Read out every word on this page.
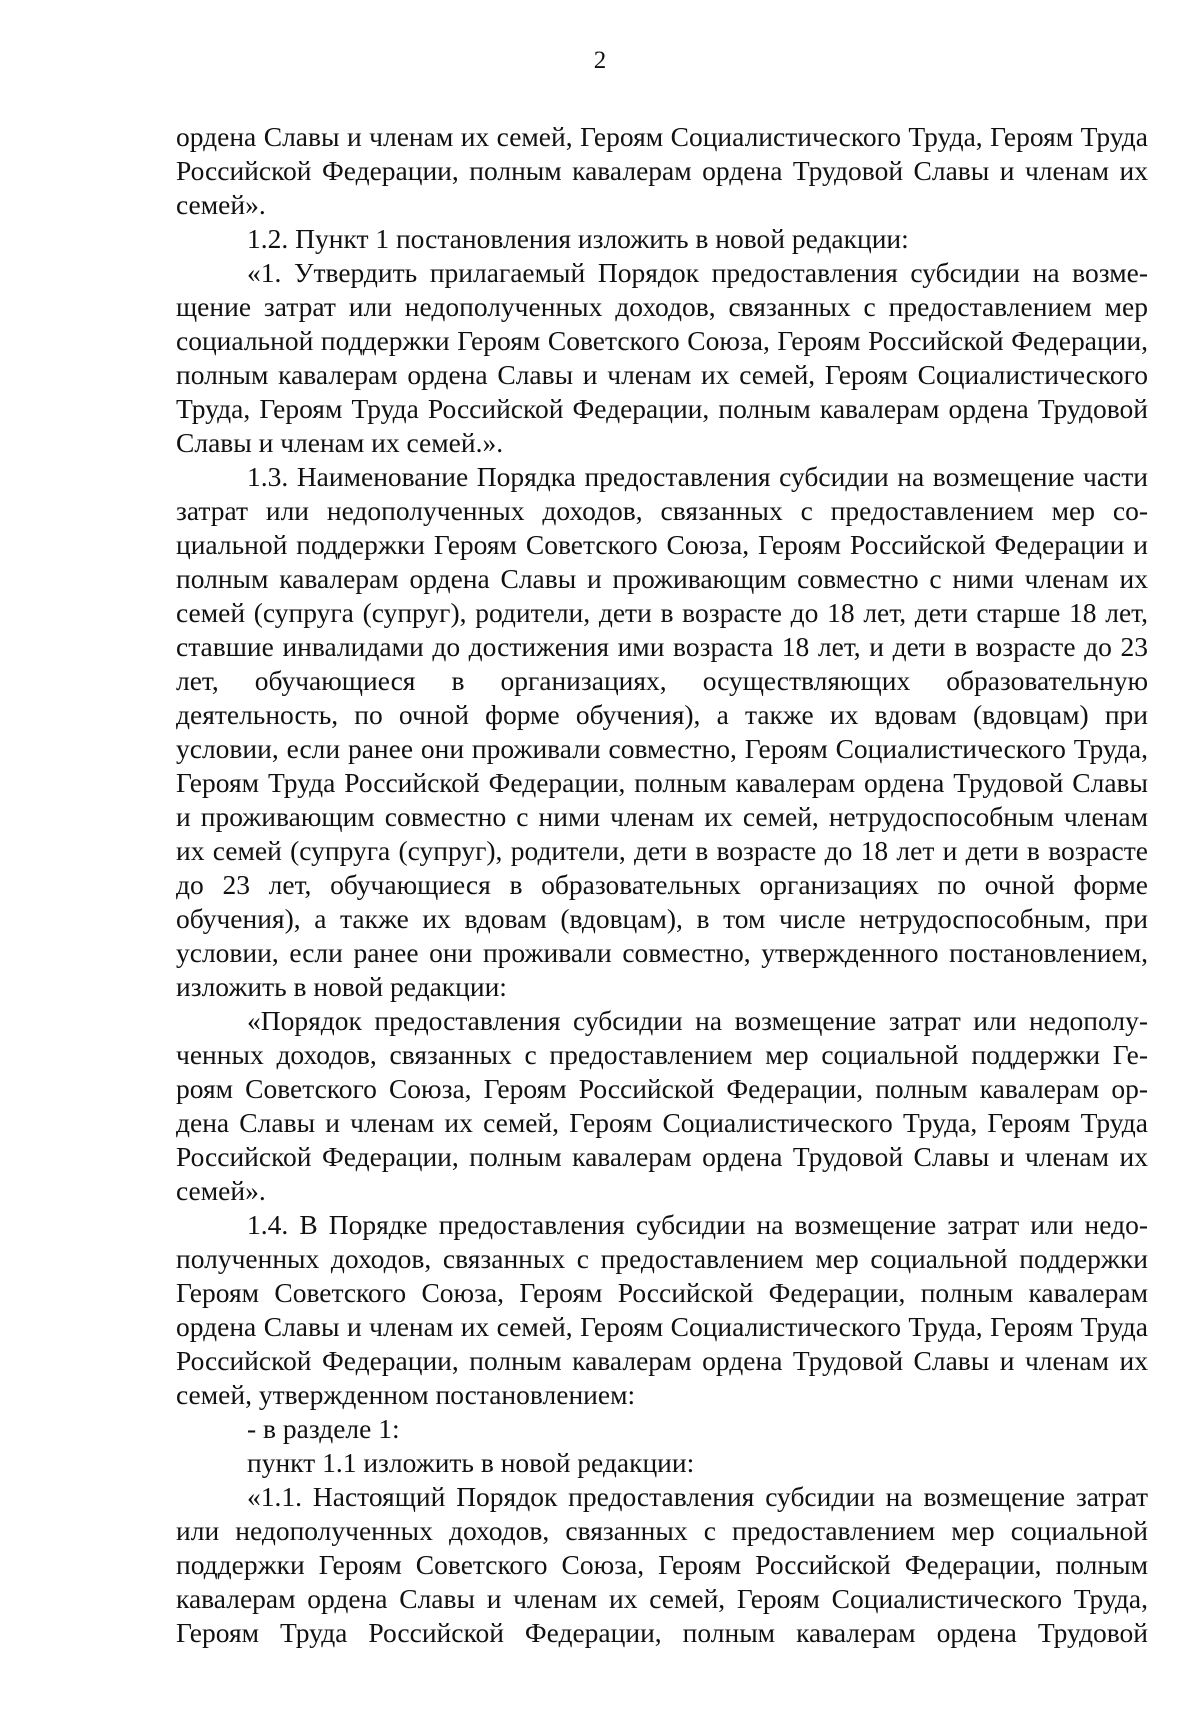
2

ордена Славы и членам их семей, Героям Социалистического Труда, Героям Труда Российской Федерации, полным кавалерам ордена Трудовой Славы и членам их семей».

1.2. Пункт 1 постановления изложить в новой редакции:

«1. Утвердить прилагаемый Порядок предоставления субсидии на возмещение затрат или недополученных доходов, связанных с предоставлением мер социальной поддержки Героям Советского Союза, Героям Российской Федерации, полным кавалерам ордена Славы и членам их семей, Героям Социалистического Труда, Героям Труда Российской Федерации, полным кавалерам ордена Трудовой Славы и членам их семей.».

1.3. Наименование Порядка предоставления субсидии на возмещение части затрат или недополученных доходов, связанных с предоставлением мер социальной поддержки Героям Советского Союза, Героям Российской Федерации и полным кавалерам ордена Славы и проживающим совместно с ними членам их семей (супруга (супруг), родители, дети в возрасте до 18 лет, дети старше 18 лет, ставшие инвалидами до достижения ими возраста 18 лет, и дети в возрасте до 23 лет, обучающиеся в организациях, осуществляющих образовательную деятельность, по очной форме обучения), а также их вдовам (вдовцам) при условии, если ранее они проживали совместно, Героям Социалистического Труда, Героям Труда Российской Федерации, полным кавалерам ордена Трудовой Славы и проживающим совместно с ними членам их семей, нетрудоспособным членам их семей (супруга (супруг), родители, дети в возрасте до 18 лет и дети в возрасте до 23 лет, обучающиеся в образовательных организациях по очной форме обучения), а также их вдовам (вдовцам), в том числе нетрудоспособным, при условии, если ранее они проживали совместно, утвержденного постановлением, изложить в новой редакции:

«Порядок предоставления субсидии на возмещение затрат или недополученных доходов, связанных с предоставлением мер социальной поддержки Героям Советского Союза, Героям Российской Федерации, полным кавалерам ордена Славы и членам их семей, Героям Социалистического Труда, Героям Труда Российской Федерации, полным кавалерам ордена Трудовой Славы и членам их семей».

1.4. В Порядке предоставления субсидии на возмещение затрат или недополученных доходов, связанных с предоставлением мер социальной поддержки Героям Советского Союза, Героям Российской Федерации, полным кавалерам ордена Славы и членам их семей, Героям Социалистического Труда, Героям Труда Российской Федерации, полным кавалерам ордена Трудовой Славы и членам их семей, утвержденном постановлением:

- в разделе 1:

пункт 1.1 изложить в новой редакции:

«1.1. Настоящий Порядок предоставления субсидии на возмещение затрат или недополученных доходов, связанных с предоставлением мер социальной поддержки Героям Советского Союза, Героям Российской Федерации, полным кавалерам ордена Славы и членам их семей, Героям Социалистического Труда, Героям Труда Российской Федерации, полным кавалерам ордена Трудовой
